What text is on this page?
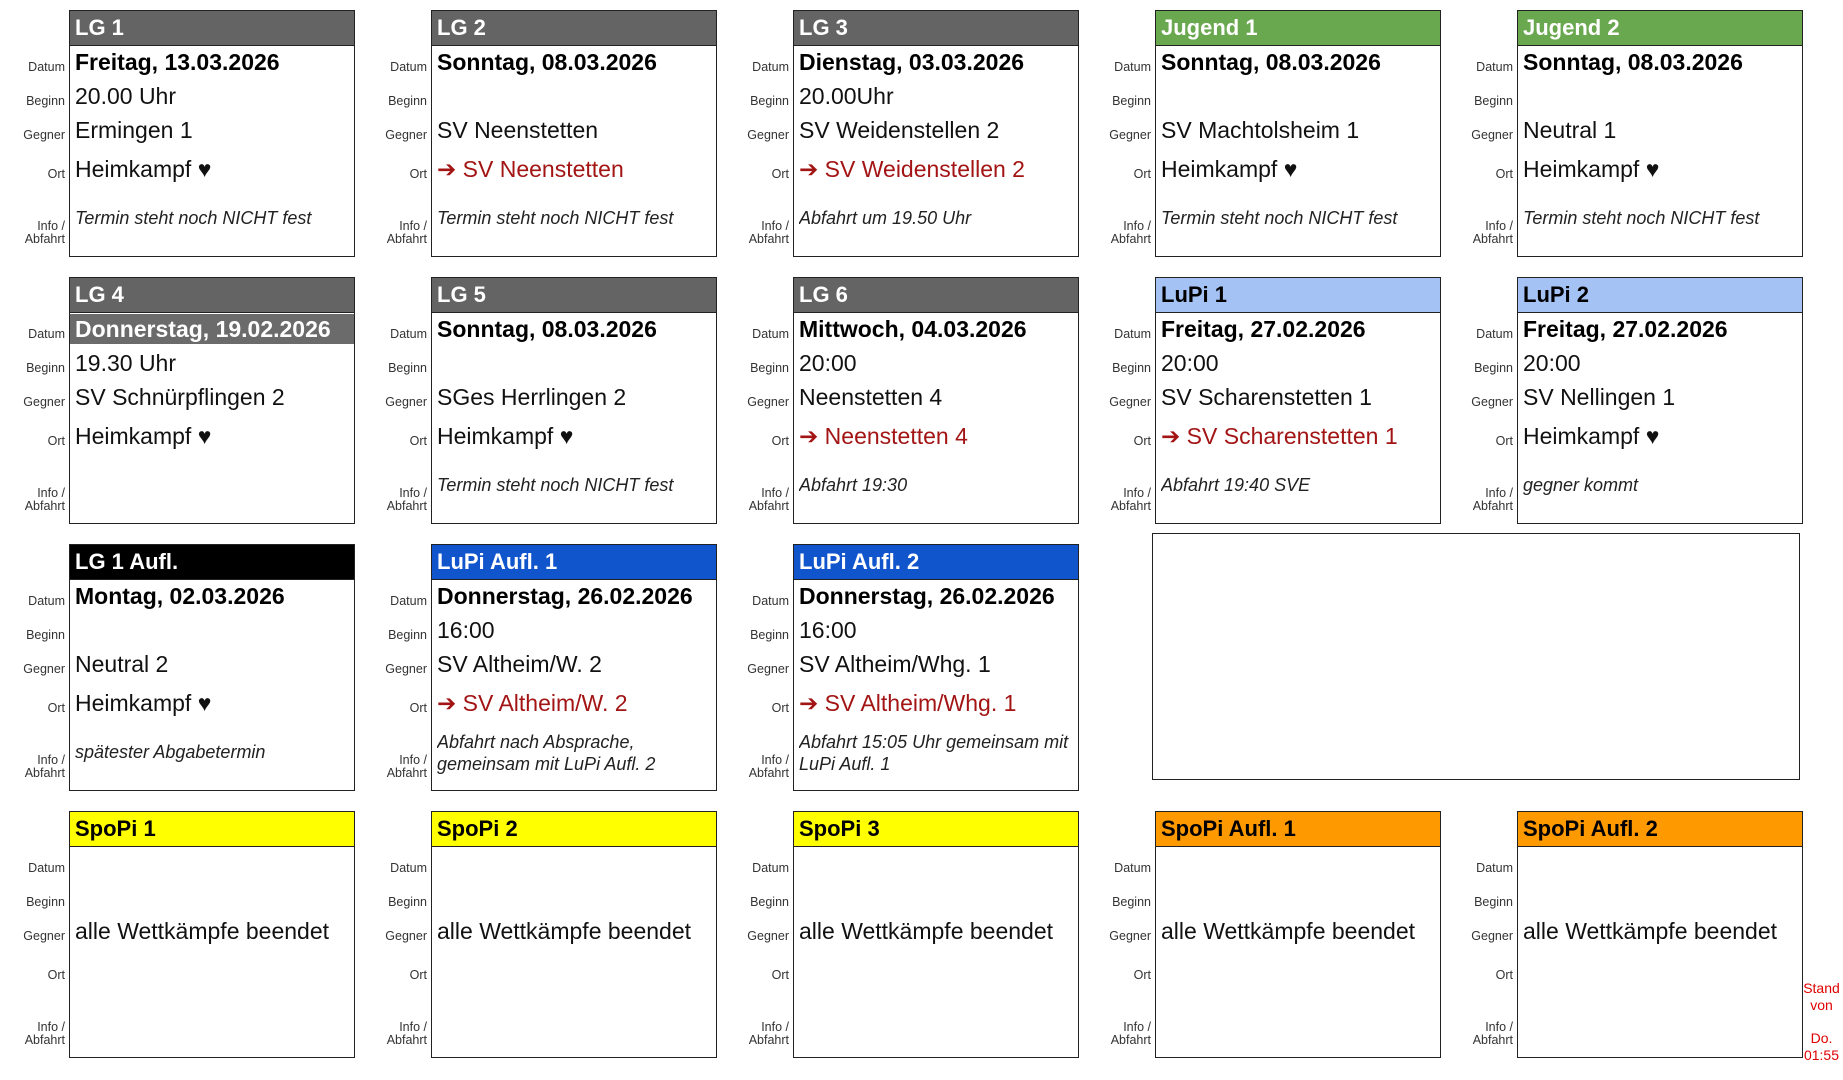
Datum
Beginn
Gegner
Ort
Info /
Abfahrt
LG 1
Freitag, 13.03.2026
20.00 Uhr
Ermingen 1
Heimkampf ♥
Termin steht noch NICHT fest
Datum
Beginn
Gegner
Ort
Info /
Abfahrt
LG 2
Sonntag, 08.03.2026
SV Neenstetten
➔ SV Neenstetten
Termin steht noch NICHT fest
Datum
Beginn
Gegner
Ort
Info /
Abfahrt
LG 3
Dienstag, 03.03.2026
20.00Uhr
SV Weidenstellen 2
➔ SV Weidenstellen 2
Abfahrt um 19.50 Uhr
Datum
Beginn
Gegner
Ort
Info /
Abfahrt
Jugend 1
Sonntag, 08.03.2026
SV Machtolsheim 1
Heimkampf ♥
Termin steht noch NICHT fest
Datum
Beginn
Gegner
Ort
Info /
Abfahrt
Jugend 2
Sonntag, 08.03.2026
Neutral 1
Heimkampf ♥
Termin steht noch NICHT fest
Datum
Beginn
Gegner
Ort
Info /
Abfahrt
LG 4
Donnerstag, 19.02.2026
19.30 Uhr
SV Schnürpflingen 2
Heimkampf ♥
Datum
Beginn
Gegner
Ort
Info /
Abfahrt
LG 5
Sonntag, 08.03.2026
SGes Herrlingen 2
Heimkampf ♥
Termin steht noch NICHT fest
Datum
Beginn
Gegner
Ort
Info /
Abfahrt
LG 6
Mittwoch, 04.03.2026
20:00
Neenstetten 4
➔ Neenstetten 4
Abfahrt 19:30
Datum
Beginn
Gegner
Ort
Info /
Abfahrt
LuPi 1
Freitag, 27.02.2026
20:00
SV Scharenstetten 1
➔ SV Scharenstetten 1
Abfahrt 19:40 SVE
Datum
Beginn
Gegner
Ort
Info /
Abfahrt
LuPi 2
Freitag, 27.02.2026
20:00
SV Nellingen 1
Heimkampf ♥
gegner kommt
Datum
Beginn
Gegner
Ort
Info /
Abfahrt
LG 1 Aufl.
Montag, 02.03.2026
Neutral 2
Heimkampf ♥
spätester Abgabetermin
Datum
Beginn
Gegner
Ort
Info /
Abfahrt
LuPi Aufl. 1
Donnerstag, 26.02.2026
16:00
SV Altheim/W. 2
➔ SV Altheim/W. 2
Abfahrt nach Absprache, gemeinsam mit LuPi Aufl. 2
Datum
Beginn
Gegner
Ort
Info /
Abfahrt
LuPi Aufl. 2
Donnerstag, 26.02.2026
16:00
SV Altheim/Whg. 1
➔ SV Altheim/Whg. 1
Abfahrt 15:05 Uhr gemeinsam mit LuPi Aufl. 1
Datum
Beginn
Gegner
Ort
Info /
Abfahrt
SpoPi 1
alle Wettkämpfe beendet
Datum
Beginn
Gegner
Ort
Info /
Abfahrt
SpoPi 2
alle Wettkämpfe beendet
Datum
Beginn
Gegner
Ort
Info /
Abfahrt
SpoPi 3
alle Wettkämpfe beendet
Datum
Beginn
Gegner
Ort
Info /
Abfahrt
SpoPi Aufl. 1
alle Wettkämpfe beendet
Datum
Beginn
Gegner
Ort
Info /
Abfahrt
SpoPi Aufl. 2
alle Wettkämpfe beendet
Stand
von
Do.
01:55
